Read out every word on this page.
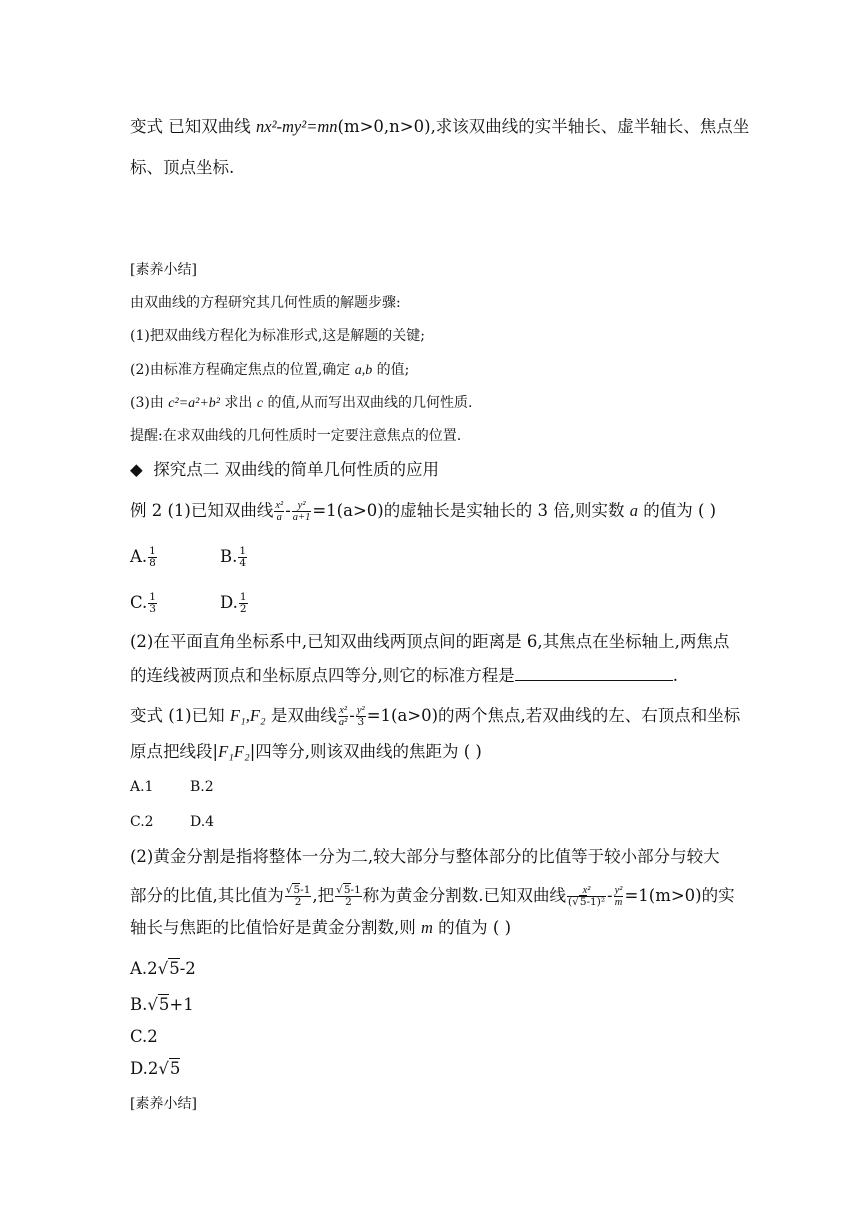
变式 已知双曲线 nx²-my²=mn(m>0,n>0),求该双曲线的实半轴长、虚半轴长、焦点坐
标、顶点坐标.
[素养小结]
由双曲线的方程研究其几何性质的解题步骤:
(1)把双曲线方程化为标准形式,这是解题的关键;
(2)由标准方程确定焦点的位置,确定 a,b 的值;
(3)由 c²=a²+b² 求出 c 的值,从而写出双曲线的几何性质.
提醒:在求双曲线的几何性质时一定要注意焦点的位置.
◆ 探究点二 双曲线的简单几何性质的应用
例 2 (1)已知双曲线 $\frac{\text{x²}}{a} - \frac{\text{y²}}{a+1} =1(a>0)$的虚轴长是实轴长的 3 倍,则实数 a 的值为 ( )
A. $\frac{1}{8}$	B. $\frac{1}{4}$
C. $\frac{1}{3}$	D. $\frac{1}{2}$
(2)在平面直角坐标系中,已知双曲线两顶点间的距离是 6,其焦点在坐标轴上,两焦点
的连线被两顶点和坐标原点四等分,则它的标准方程是	.
变式 (1)已知 F₁,F₂ 是双曲线 $\frac{\text{x²}}{\text{a²}} - \frac{\text{y²}}{3} =1(a>0)$的两个焦点,若双曲线的左、右顶点和坐标
原点把线段|F₁F₂|四等分,则该双曲线的焦距为 ( )
A.1	B.2
C.2	D.4
(2)黄金分割是指将整体一分为二,较大部分与整体部分的比值等于较小部分与较大
部分的比值,其比值为 $\frac{√5-1}{2}$ ,把 $\frac{√5-1}{2}$ 称为黄金分割数.已知双曲线 $\frac{\text{x²}}{\text{(√5-1)²}} - \frac{\text{y²}}{m} =1(m>0)$的实
轴长与焦距的比值恰好是黄金分割数,则 m 的值为 ( )
A.2√5-2
B.√5+1
C.2
D.2√5
[素养小结]
